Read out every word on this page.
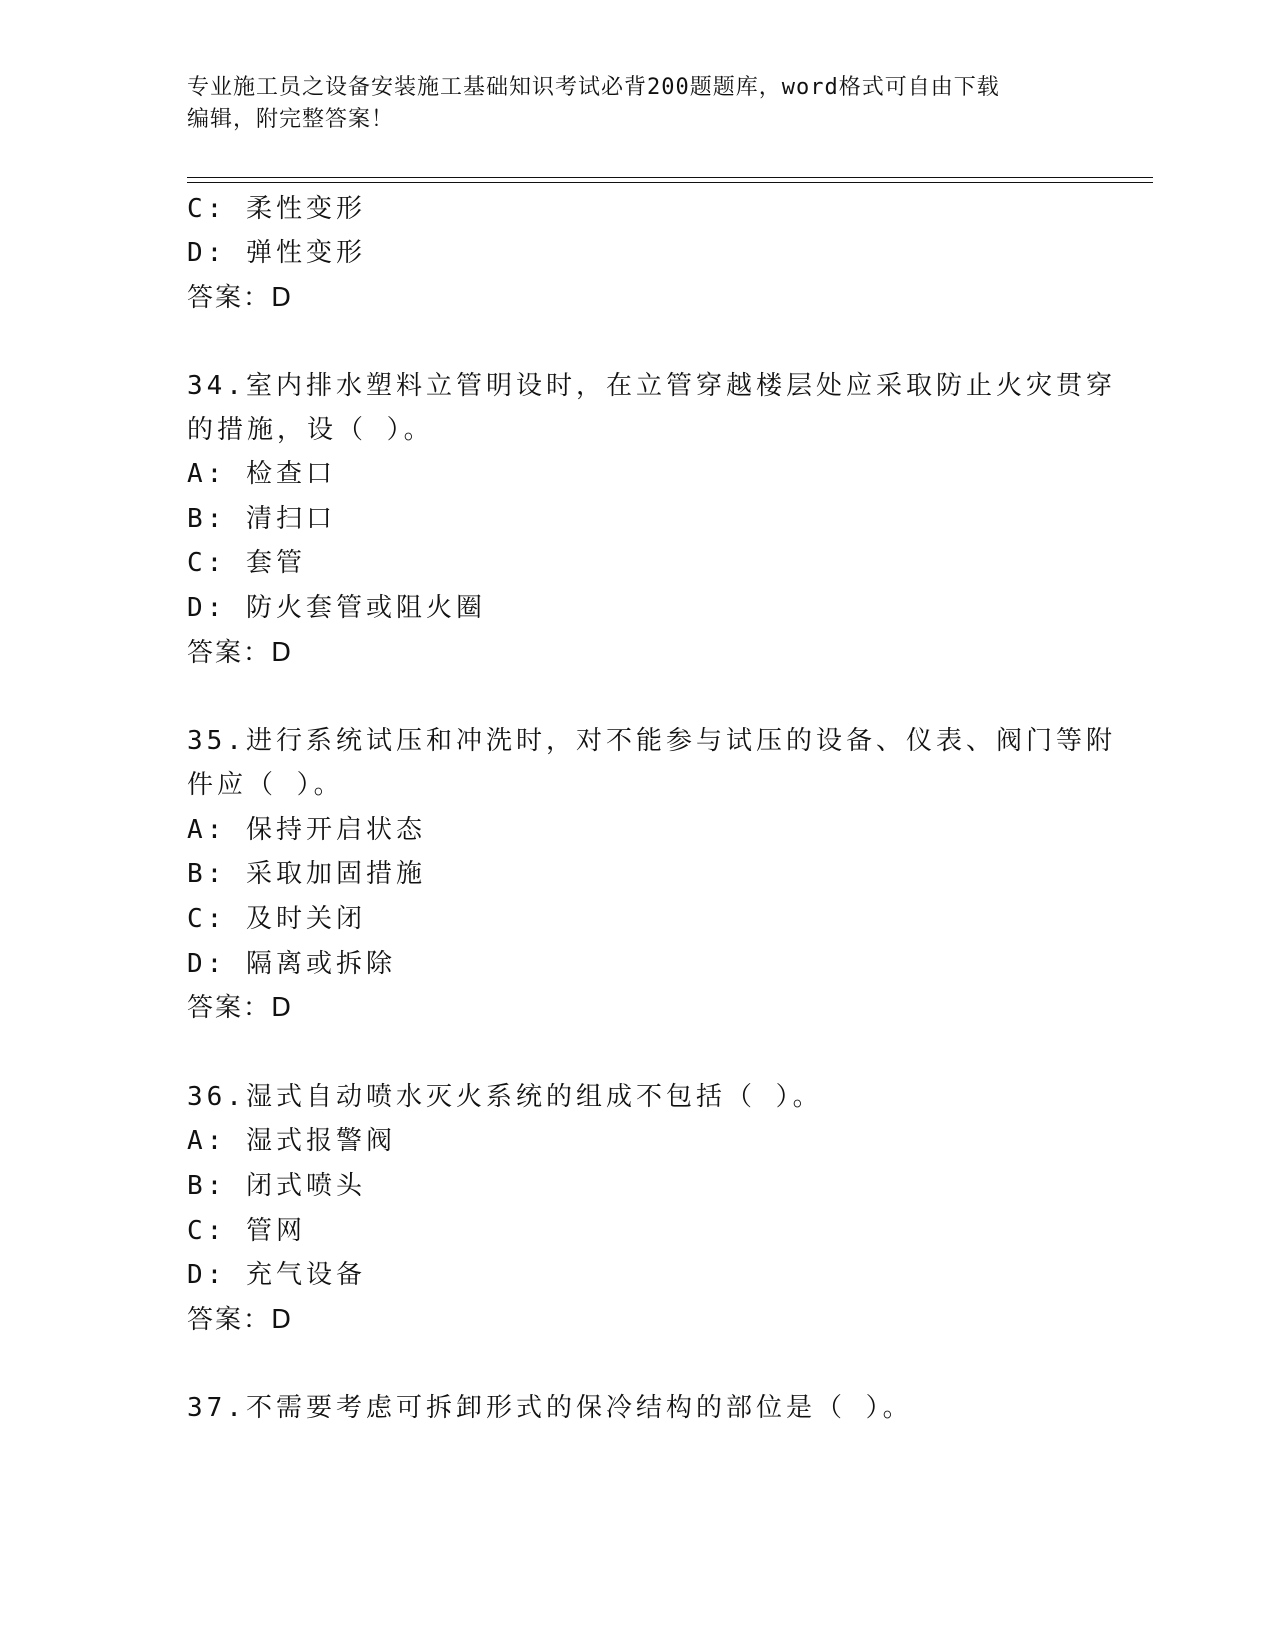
专业施工员之设备安装施工基础知识考试必背200题题库，word格式可自由下载
编辑，附完整答案！
C: 柔性变形
D: 弹性变形
答案：D
34.室内排水塑料立管明设时，在立管穿越楼层处应采取防止火灾贯穿
的措施，设（ ）。
A: 检查口
B: 清扫口
C: 套管
D: 防火套管或阻火圈
答案：D
35.进行系统试压和冲洗时，对不能参与试压的设备、仪表、阀门等附
件应（ ）。
A: 保持开启状态
B: 采取加固措施
C: 及时关闭
D: 隔离或拆除
答案：D
36.湿式自动喷水灭火系统的组成不包括（ ）。
A: 湿式报警阀
B: 闭式喷头
C: 管网
D: 充气设备
答案：D
37.不需要考虑可拆卸形式的保冷结构的部位是（ ）。
